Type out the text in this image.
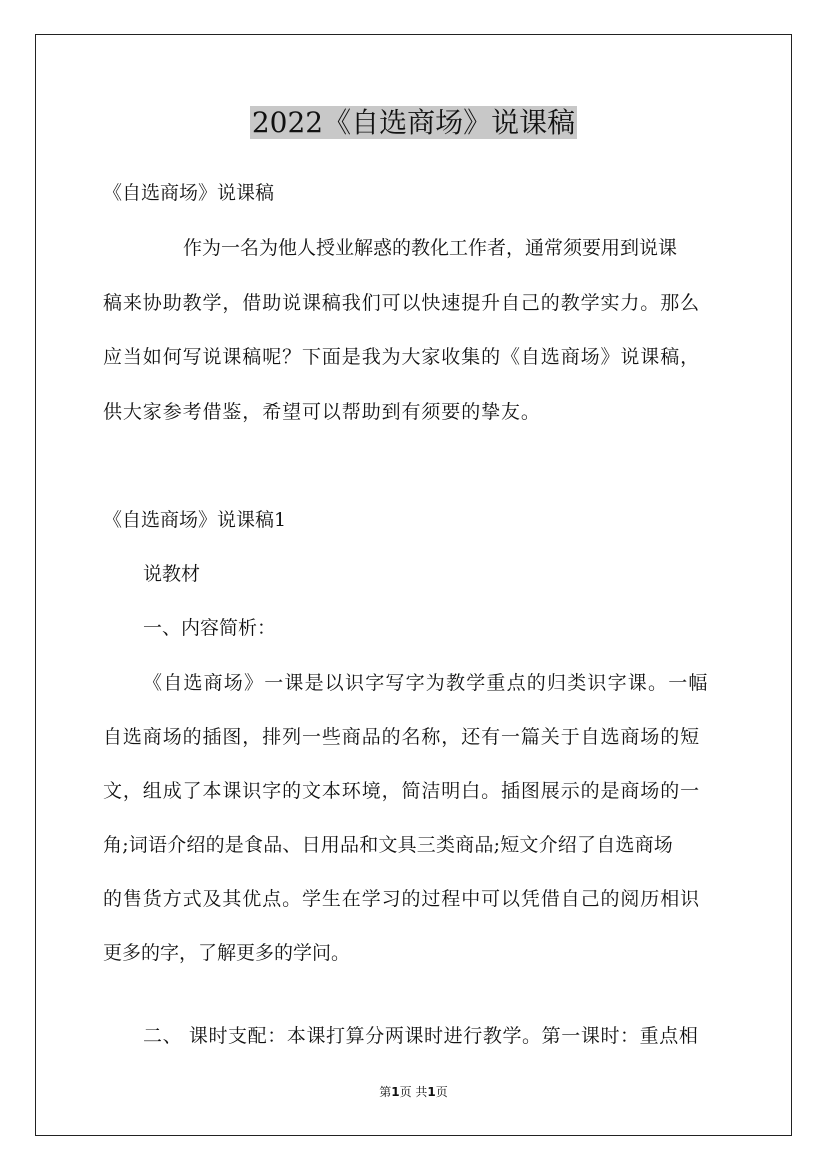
2022《自选商场》说课稿
《自选商场》说课稿
作为一名为他人授业解惑的教化工作者，通常须要用到说课
稿来协助教学，借助说课稿我们可以快速提升自己的教学实力。那么
应当如何写说课稿呢？下面是我为大家收集的《自选商场》说课稿，
供大家参考借鉴，希望可以帮助到有须要的挚友。
《自选商场》说课稿1
说教材
一、内容简析：
《自选商场》一课是以识字写字为教学重点的归类识字课。一幅
自选商场的插图，排列一些商品的名称，还有一篇关于自选商场的短
文，组成了本课识字的文本环境，简洁明白。插图展示的是商场的一
角;词语介绍的是食品、日用品和文具三类商品;短文介绍了自选商场
的售货方式及其优点。学生在学习的过程中可以凭借自己的阅历相识
更多的字，了解更多的学问。
二、 课时支配：本课打算分两课时进行教学。第一课时：重点相
第1页 共1页
